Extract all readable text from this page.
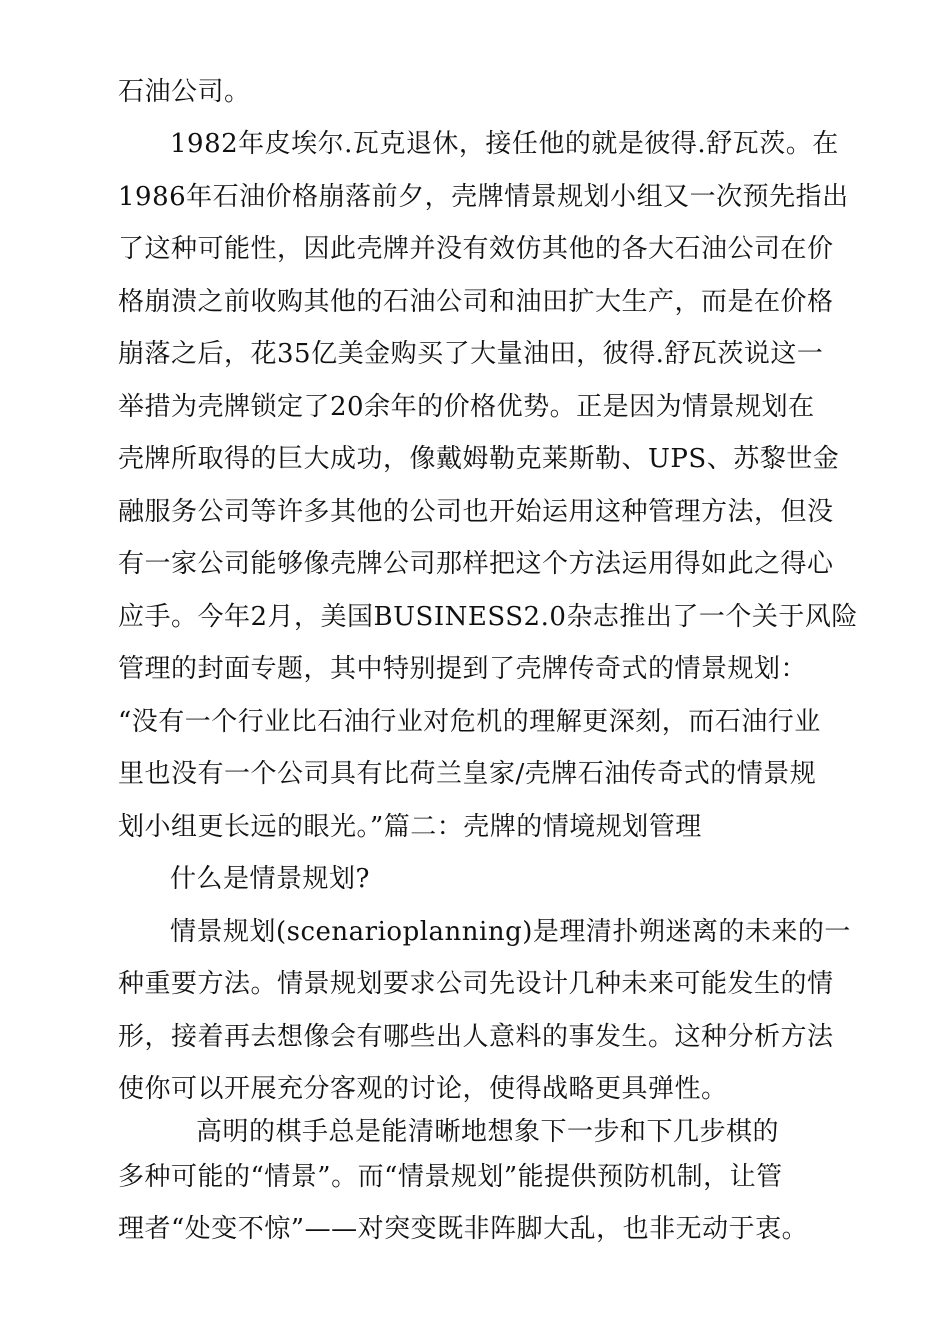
石油公司。
1982年皮埃尔.瓦克退休，接任他的就是彼得.舒瓦茨。在
1986年石油价格崩落前夕，壳牌情景规划小组又一次预先指出
了这种可能性，因此壳牌并没有效仿其他的各大石油公司在价
格崩溃之前收购其他的石油公司和油田扩大生产，而是在价格
崩落之后，花35亿美金购买了大量油田，彼得.舒瓦茨说这一
举措为壳牌锁定了20余年的价格优势。正是因为情景规划在
壳牌所取得的巨大成功，像戴姆勒克莱斯勒、UPS、苏黎世金
融服务公司等许多其他的公司也开始运用这种管理方法，但没
有一家公司能够像壳牌公司那样把这个方法运用得如此之得心
应手。今年2月，美国BUSINESS2.0杂志推出了一个关于风险
管理的封面专题，其中特别提到了壳牌传奇式的情景规划：
“没有一个行业比石油行业对危机的理解更深刻，而石油行业
里也没有一个公司具有比荷兰皇家/壳牌石油传奇式的情景规
划小组更长远的眼光。”篇二：壳牌的情境规划管理
什么是情景规划?
情景规划(scenarioplanning)是理清扑朔迷离的未来的一
种重要方法。情景规划要求公司先设计几种未来可能发生的情
形，接着再去想像会有哪些出人意料的事发生。这种分析方法
使你可以开展充分客观的讨论，使得战略更具弹性。
高明的棋手总是能清晰地想象下一步和下几步棋的
多种可能的“情景”。而“情景规划”能提供预防机制，让管
理者“处变不惊”——对突变既非阵脚大乱，也非无动于衷。
